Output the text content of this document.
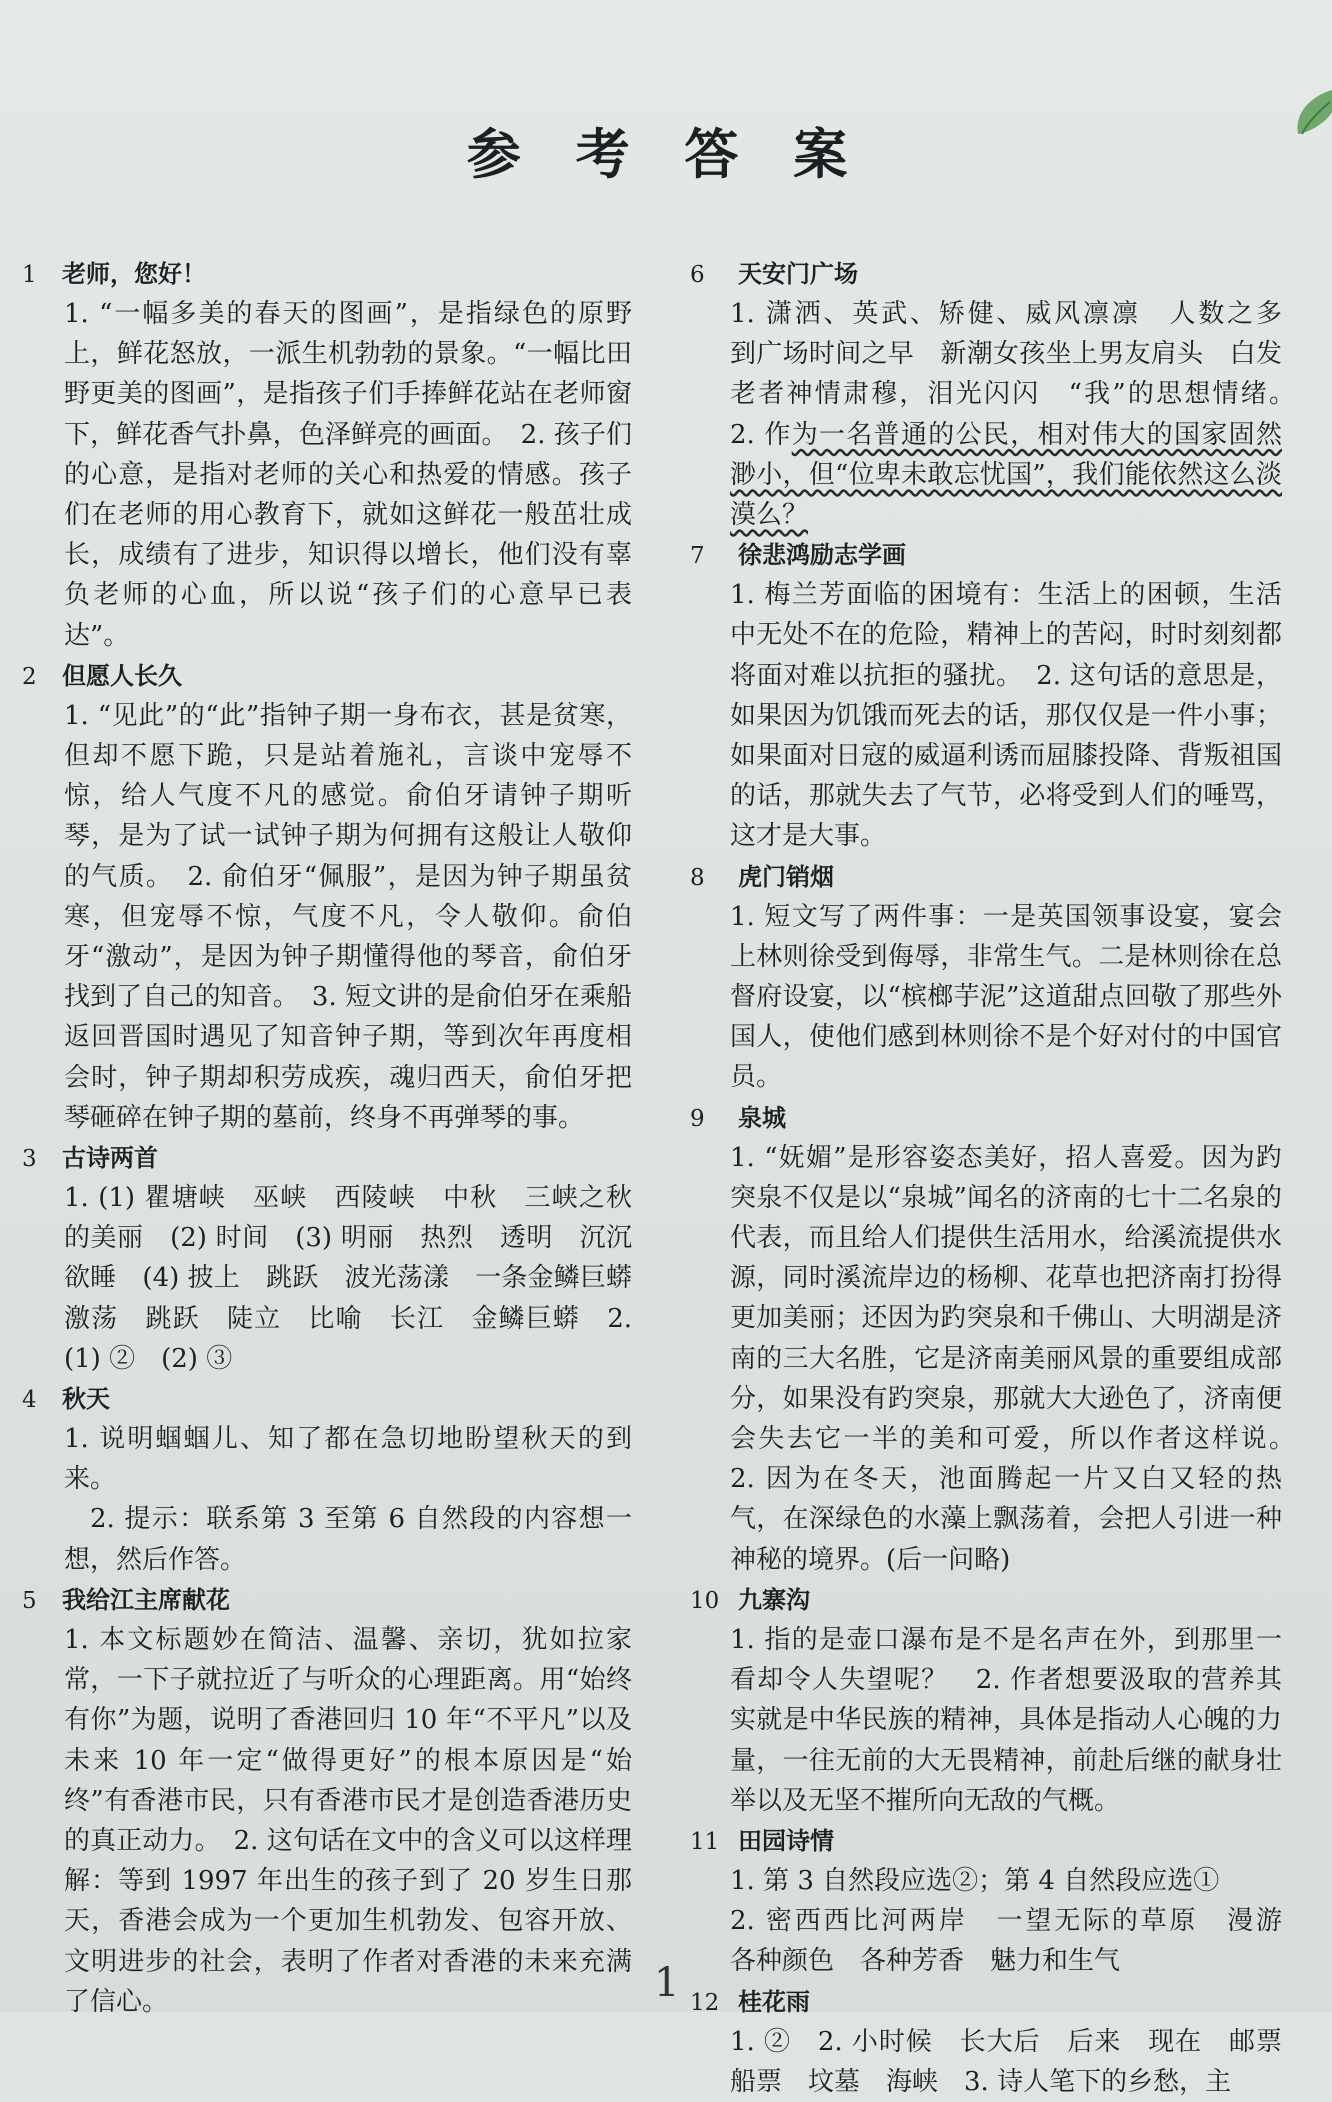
参 考 答 案
1	老师，您好！

1. “一幅多美的春天的图画”，是指绿色的原野上，鲜花怒放，一派生机勃勃的景象。“一幅比田野更美的图画”，是指孩子们手捧鲜花站在老师窗下，鲜花香气扑鼻，色泽鲜亮的画面。　2. 孩子们的心意，是指对老师的关心和热爱的情感。孩子们在老师的用心教育下，就如这鲜花一般茁壮成长，成绩有了进步，知识得以增长，他们没有辜负老师的心血，所以说“孩子们的心意早已表达”。

2	但愿人长久

1. “见此”的“此”指钟子期一身布衣，甚是贫寒，但却不愿下跪，只是站着施礼，言谈中宠辱不惊，给人气度不凡的感觉。俞伯牙请钟子期听琴，是为了试一试钟子期为何拥有这般让人敬仰的气质。　2. 俞伯牙“佩服”，是因为钟子期虽贫寒，但宠辱不惊，气度不凡，令人敬仰。俞伯牙“激动”，是因为钟子期懂得他的琴音，俞伯牙找到了自己的知音。　3. 短文讲的是俞伯牙在乘船返回晋国时遇见了知音钟子期，等到次年再度相会时，钟子期却积劳成疾，魂归西天，俞伯牙把琴砸碎在钟子期的墓前，终身不再弹琴的事。

3	古诗两首

1. (1) 瞿塘峡　巫峡　西陵峡　中秋　三峡之秋的美丽　(2) 时间　(3) 明丽　热烈　透明　沉沉欲睡　(4) 披上　跳跃　波光荡漾　一条金鳞巨蟒　激荡　跳跃　陡立　比喻　长江　金鳞巨蟒　2. (1) ②　(2) ③

4	秋天

1. 说明蝈蝈儿、知了都在急切地盼望秋天的到来。

2. 提示：联系第 3 至第 6 自然段的内容想一想，然后作答。

5	我给江主席献花

1. 本文标题妙在简洁、温馨、亲切，犹如拉家常，一下子就拉近了与听众的心理距离。用“始终有你”为题，说明了香港回归 10 年“不平凡”以及未来 10 年一定“做得更好”的根本原因是“始终”有香港市民，只有香港市民才是创造香港历史的真正动力。　2. 这句话在文中的含义可以这样理解：等到 1997 年出生的孩子到了 20 岁生日那天，香港会成为一个更加生机勃发、包容开放、文明进步的社会，表明了作者对香港的未来充满了信心。

6	天安门广场

1. 潇洒、英武、矫健、威风凛凛　人数之多　到广场时间之早　新潮女孩坐上男友肩头　白发老者神情肃穆，泪光闪闪　“我”的思想情绪。　2. 作为一名普通的公民，相对伟大的国家固然渺小，但“位卑未敢忘忧国”，我们能依然这么淡漠么？

7	徐悲鸿励志学画

1. 梅兰芳面临的困境有：生活上的困顿，生活中无处不在的危险，精神上的苦闷，时时刻刻都将面对难以抗拒的骚扰。　2. 这句话的意思是，如果因为饥饿而死去的话，那仅仅是一件小事；如果面对日寇的威逼利诱而屈膝投降、背叛祖国的话，那就失去了气节，必将受到人们的唾骂，这才是大事。

8	虎门销烟

1. 短文写了两件事：一是英国领事设宴，宴会上林则徐受到侮辱，非常生气。二是林则徐在总督府设宴，以“槟榔芋泥”这道甜点回敬了那些外国人，使他们感到林则徐不是个好对付的中国官员。

9	泉城

1. “妩媚”是形容姿态美好，招人喜爱。因为趵突泉不仅是以“泉城”闻名的济南的七十二名泉的代表，而且给人们提供生活用水，给溪流提供水源，同时溪流岸边的杨柳、花草也把济南打扮得更加美丽；还因为趵突泉和千佛山、大明湖是济南的三大名胜，它是济南美丽风景的重要组成部分，如果没有趵突泉，那就大大逊色了，济南便会失去它一半的美和可爱，所以作者这样说。　2. 因为在冬天，池面腾起一片又白又轻的热气，在深绿色的水藻上飘荡着，会把人引进一种神秘的境界。(后一问略)

10 九寨沟

1. 指的是壶口瀑布是不是名声在外，到那里一看却令人失望呢？　2. 作者想要汲取的营养其实就是中华民族的精神，具体是指动人心魄的力量，一往无前的大无畏精神，前赴后继的献身壮举以及无坚不摧所向无敌的气概。

11 田园诗情

1. 第 3 自然段应选②；第 4 自然段应选①

2. 密西西比河两岸　一望无际的草原　漫游　各种颜色　各种芳香　魅力和生气

12 桂花雨

1. ②　2. 小时候　长大后　后来　现在　邮票　船票　坟墓　海峡　3. 诗人笔下的乡愁，主

1
